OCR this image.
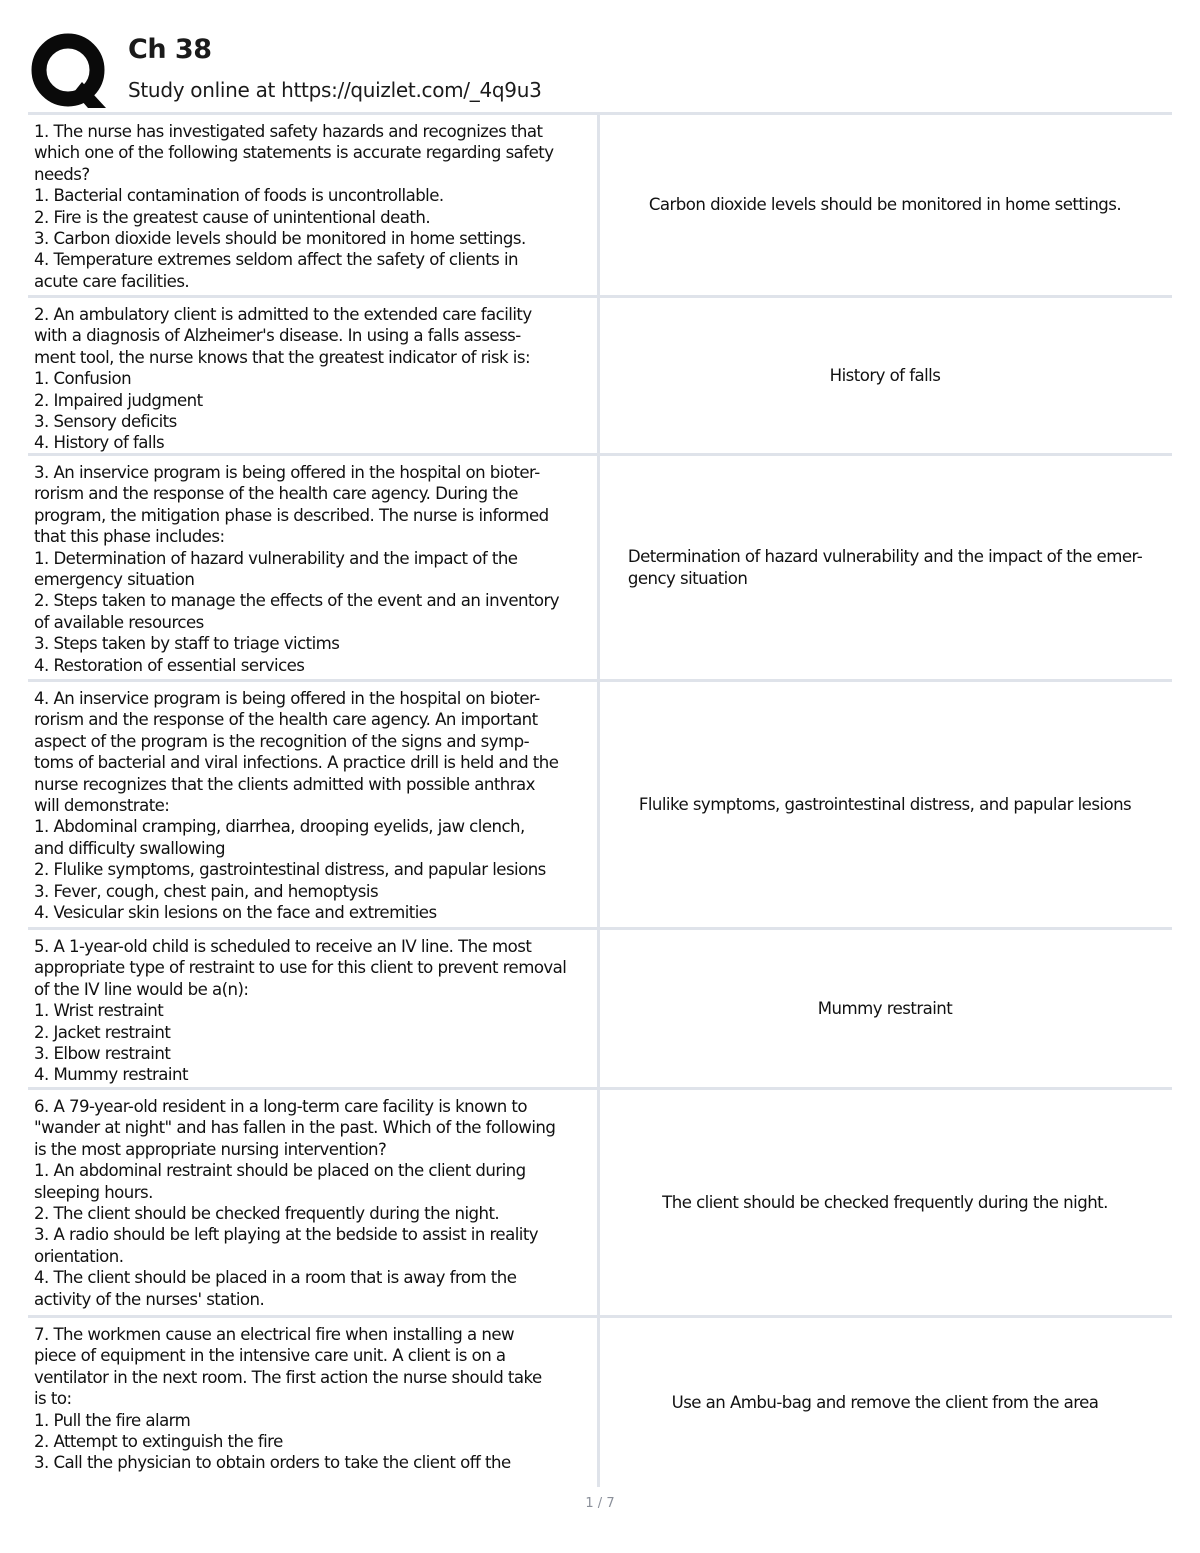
Ch 38
Study online at https://quizlet.com/_4q9u3
1. The nurse has investigated safety hazards and recognizes that
which one of the following statements is accurate regarding safety
needs?
1. Bacterial contamination of foods is uncontrollable.
2. Fire is the greatest cause of unintentional death.
3. Carbon dioxide levels should be monitored in home settings.
4. Temperature extremes seldom affect the safety of clients in
acute care facilities.
Carbon dioxide levels should be monitored in home settings.
2. An ambulatory client is admitted to the extended care facility
with a diagnosis of Alzheimer's disease. In using a falls assess-
ment tool, the nurse knows that the greatest indicator of risk is:
1. Confusion
2. Impaired judgment
3. Sensory deficits
4. History of falls
History of falls
3. An inservice program is being offered in the hospital on bioter-
rorism and the response of the health care agency. During the
program, the mitigation phase is described. The nurse is informed
that this phase includes:
1. Determination of hazard vulnerability and the impact of the
emergency situation
2. Steps taken to manage the effects of the event and an inventory
of available resources
3. Steps taken by staff to triage victims
4. Restoration of essential services
Determination of hazard vulnerability and the impact of the emer-
gency situation
4. An inservice program is being offered in the hospital on bioter-
rorism and the response of the health care agency. An important
aspect of the program is the recognition of the signs and symp-
toms of bacterial and viral infections. A practice drill is held and the
nurse recognizes that the clients admitted with possible anthrax
will demonstrate:
1. Abdominal cramping, diarrhea, drooping eyelids, jaw clench,
and difficulty swallowing
2. Flulike symptoms, gastrointestinal distress, and papular lesions
3. Fever, cough, chest pain, and hemoptysis
4. Vesicular skin lesions on the face and extremities
Flulike symptoms, gastrointestinal distress, and papular lesions
5. A 1-year-old child is scheduled to receive an IV line. The most
appropriate type of restraint to use for this client to prevent removal
of the IV line would be a(n):
1. Wrist restraint
2. Jacket restraint
3. Elbow restraint
4. Mummy restraint
Mummy restraint
6. A 79-year-old resident in a long-term care facility is known to
"wander at night" and has fallen in the past. Which of the following
is the most appropriate nursing intervention?
1. An abdominal restraint should be placed on the client during
sleeping hours.
2. The client should be checked frequently during the night.
3. A radio should be left playing at the bedside to assist in reality
orientation.
4. The client should be placed in a room that is away from the
activity of the nurses' station.
The client should be checked frequently during the night.
7. The workmen cause an electrical fire when installing a new
piece of equipment in the intensive care unit. A client is on a
ventilator in the next room. The first action the nurse should take
is to:
1. Pull the fire alarm
2. Attempt to extinguish the fire
3. Call the physician to obtain orders to take the client off the
Use an Ambu-bag and remove the client from the area
1 / 7
